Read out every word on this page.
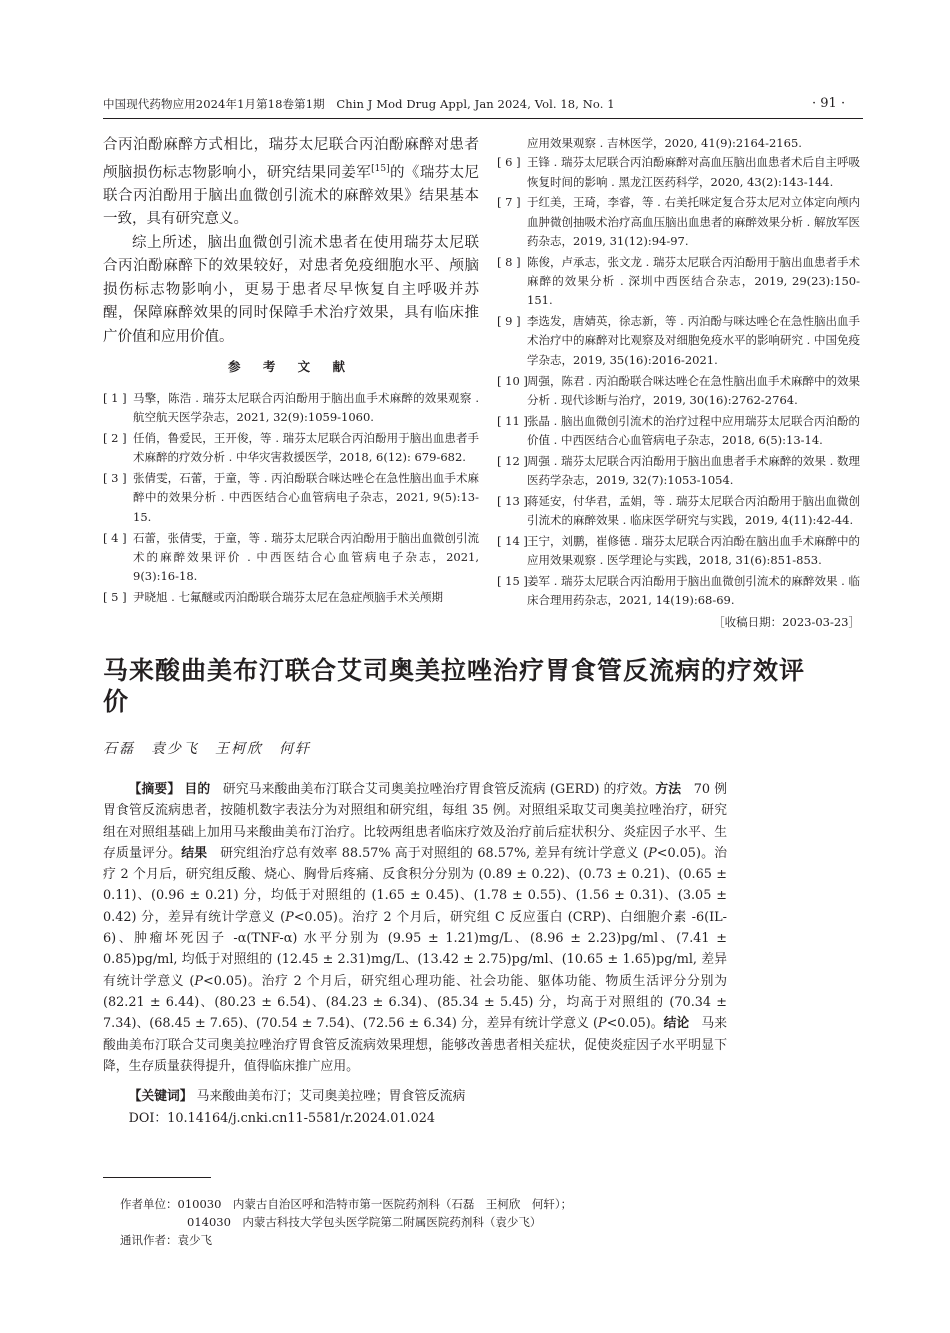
中国现代药物应用2024年1月第18卷第1期　Chin J Mod Drug Appl, Jan 2024, Vol. 18, No. 1	· 91 ·

合丙泊酚麻醉方式相比，瑞芬太尼联合丙泊酚麻醉对患者颅脑损伤标志物影响小，研究结果同姜军[15]的《瑞芬太尼联合丙泊酚用于脑出血微创引流术的麻醉效果》结果基本一致，具有研究意义。

综上所述，脑出血微创引流术患者在使用瑞芬太尼联合丙泊酚麻醉下的效果较好，对患者免疫细胞水平、颅脑损伤标志物影响小，更易于患者尽早恢复自主呼吸并苏醒，保障麻醉效果的同时保障手术治疗效果，具有临床推广价值和应用价值。

参 考 文 献
[ 1 ] 马擎，陈浩 . 瑞芬太尼联合丙泊酚用于脑出血手术麻醉的效果观察 . 航空航天医学杂志，2021, 32(9):1059-1060.
[ 2 ] 任俏，鲁爱民，王开俊，等 . 瑞芬太尼联合丙泊酚用于脑出血患者手术麻醉的疗效分析 . 中华灾害救援医学，2018, 6(12): 679-682.
[ 3 ] 张倩雯，石蕾，于童，等 . 丙泊酚联合咪达唑仑在急性脑出血手术麻醉中的效果分析 . 中西医结合心血管病电子杂志，2021, 9(5):13-15.
[ 4 ] 石蕾，张倩雯，于童，等 . 瑞芬太尼联合丙泊酚用于脑出血微创引流术的麻醉效果评价 . 中西医结合心血管病电子杂志，2021, 9(3):16-18.
[ 5 ] 尹晓旭 . 七氟醚或丙泊酚联合瑞芬太尼在急症颅脑手术关颅期
应用效果观察 . 吉林医学，2020, 41(9):2164-2165.
[ 6 ] 王锋 . 瑞芬太尼联合丙泊酚麻醉对高血压脑出血患者术后自主呼吸恢复时间的影响 . 黑龙江医药科学，2020, 43(2):143-144.
[ 7 ] 于红美，王琦，李睿，等 . 右美托咪定复合芬太尼对立体定向颅内血肿微创抽吸术治疗高血压脑出血患者的麻醉效果分析 . 解放军医药杂志，2019, 31(12):94-97.
[ 8 ] 陈俊，卢承志，张文龙 . 瑞芬太尼联合丙泊酚用于脑出血患者手术麻醉的效果分析 . 深圳中西医结合杂志，2019, 29(23):150-151.
[ 9 ] 李选发，唐婧英，徐志新，等 . 丙泊酚与咪达唑仑在急性脑出血手术治疗中的麻醉对比观察及对细胞免疫水平的影响研究 . 中国免疫学杂志，2019, 35(16):2016-2021.
[ 10 ] 周强，陈君 . 丙泊酚联合咪达唑仑在急性脑出血手术麻醉中的效果分析 . 现代诊断与治疗，2019, 30(16):2762-2764.
[ 11 ] 张晶 . 脑出血微创引流术的治疗过程中应用瑞芬太尼联合丙泊酚的价值 . 中西医结合心血管病电子杂志，2018, 6(5):13-14.
[ 12 ] 周强 . 瑞芬太尼联合丙泊酚用于脑出血患者手术麻醉的效果 . 数理医药学杂志，2019, 32(7):1053-1054.
[ 13 ] 蒋延安，付华君，孟娟，等 . 瑞芬太尼联合丙泊酚用于脑出血微创引流术的麻醉效果 . 临床医学研究与实践，2019, 4(11):42-44.
[ 14 ] 王宁，刘鹏，崔修德 . 瑞芬太尼联合丙泊酚在脑出血手术麻醉中的应用效果观察 . 医学理论与实践，2018, 31(6):851-853.
[ 15 ] 姜军 . 瑞芬太尼联合丙泊酚用于脑出血微创引流术的麻醉效果 . 临床合理用药杂志，2021, 14(19):68-69.
［收稿日期：2023-03-23］
马来酸曲美布汀联合艾司奥美拉唑治疗胃食管反流病的疗效评价
石磊　袁少飞　王柯欣　何轩

【摘要】 目的 研究马来酸曲美布汀联合艾司奥美拉唑治疗胃食管反流病 (GERD) 的疗效。方法 70 例胃食管反流病患者，按随机数字表法分为对照组和研究组，每组 35 例。对照组采取艾司奥美拉唑治疗，研究组在对照组基础上加用马来酸曲美布汀治疗。比较两组患者临床疗效及治疗前后症状积分、炎症因子水平、生存质量评分。结果 研究组治疗总有效率 88.57% 高于对照组的 68.57%, 差异有统计学意义 (P<0.05)。治疗 2 个月后，研究组反酸、烧心、胸骨后疼痛、反食积分分别为 (0.89 ± 0.22)、(0.73 ± 0.21)、(0.65 ± 0.11)、(0.96 ± 0.21) 分，均低于对照组的 (1.65 ± 0.45)、(1.78 ± 0.55)、(1.56 ± 0.31)、(3.05 ± 0.42) 分，差异有统计学意义 (P<0.05)。治疗 2 个月后，研究组 C 反应蛋白 (CRP)、白细胞介素 -6(IL-6)、肿瘤坏死因子 -α(TNF-α) 水平分别为 (9.95 ± 1.21)mg/L、(8.96 ± 2.23)pg/ml、(7.41 ± 0.85)pg/ml, 均低于对照组的 (12.45 ± 2.31)mg/L、(13.42 ± 2.75)pg/ml、(10.65 ± 1.65)pg/ml, 差异有统计学意义 (P<0.05)。治疗 2 个月后，研究组心理功能、社会功能、躯体功能、物质生活评分分别为 (82.21 ± 6.44)、(80.23 ± 6.54)、(84.23 ± 6.34)、(85.34 ± 5.45) 分，均高于对照组的 (70.34 ± 7.34)、(68.45 ± 7.65)、(70.54 ± 7.54)、(72.56 ± 6.34) 分，差异有统计学意义 (P<0.05)。结论 马来酸曲美布汀联合艾司奥美拉唑治疗胃食管反流病效果理想，能够改善患者相关症状，促使炎症因子水平明显下降，生存质量获得提升，值得临床推广应用。

【关键词】 马来酸曲美布汀；艾司奥美拉唑；胃食管反流病
DOI：10.14164/j.cnki.cn11-5581/r.2024.01.024
作者单位：010030　内蒙古自治区呼和浩特市第一医院药剂科（石磊　王柯欣　何轩）；
014030　内蒙古科技大学包头医学院第二附属医院药剂科（袁少飞）
通讯作者：袁少飞
